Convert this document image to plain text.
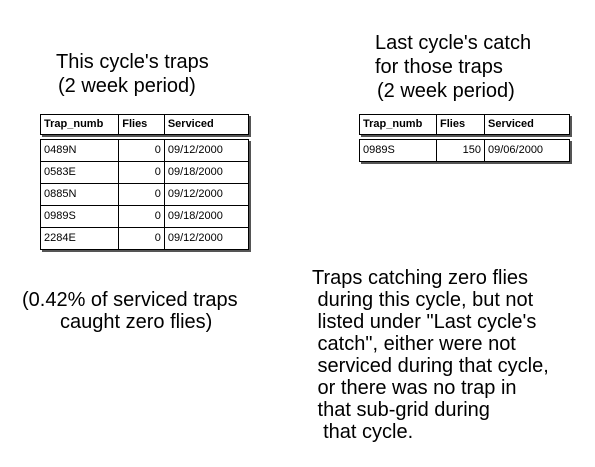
This cycle's traps
(2 week period)
Last cycle's catch
for those traps
(2 week period)
Trap_numb	Flies	Serviced
0489N	0 09/12/2000
0583E	0 09/18/2000
0885N	0 09/12/2000
0989S	0 09/18/2000
2284E	0 09/12/2000
Trap_numb	Flies	Serviced
0989S	150 09/06/2000
(0.42% of serviced traps
caught zero flies)
Traps catching zero flies
during this cycle, but not
listed under "Last cycle's
catch", either were not
serviced during that cycle,
or there was no trap in
that sub-grid during
that cycle.
